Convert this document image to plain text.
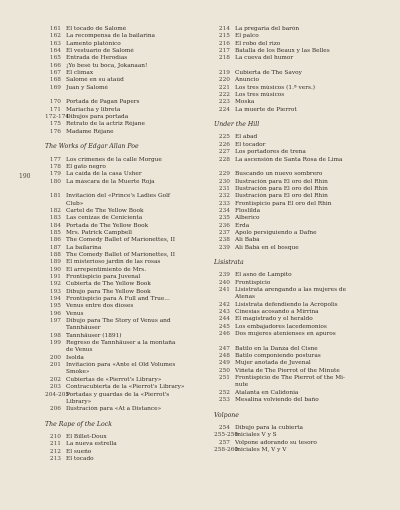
190
161 El tocado de Salomé
162 La recompensa de la bailarina
163 Lamento platónico
164 El vestuario de Salomé
165 Entrada de Herodías
166 ¡Yo besé tu boca, Jokanaan!
167 El clímax
168 Salomé en su ataúd
169 Juan y Salomé
170 Portada de Pagan Papers
171 Mariacha y libreta
172-174
Dibujos para portada
175 Retrato de la actriz Réjane
176 Madame Réjane
The Works of Edgar Allan Poe
177 Los crímenes de la calle Morgue
178 El gato negro
179 La caída de la casa Usher
180 La máscara de la Muerte Roja
181 Invitación del «Prince's Ladies Golf
Club»
182 Cartel de The Yellow Book
183 Las cenizas de Cenicienta
184 Portada de The Yellow Book
185 Mrs. Patrick Campbell
186 The Comedy Ballet of Marionettes, II
187 La bailarina
188 The Comedy Ballet of Marionettes, II
189 El misterioso jardín de las rosas
190 El arrepentimiento de Mrs.
191 Frontispicio para Juvenal
192 Cubierta de The Yellow Book
193 Dibujo para The Yellow Book
194 Frontispicio para A Full and True...
195 Venus entre dos dioses
196 Venus
197 Dibujo para The Story of Venus and
Tannhäuser
198 Tannhäuser (1891)
199 Regreso de Tannhäuser a la montaña
de Venus
200 Isolda
201 Invitación para «Ante el Old Volumes
Smoke»
202 Cubiertas de «Pierrot's Library»
203 Contracubierta de la «Pierrot's Library»
204-205
Portadas y guardas de la «Pierrot's
Library»
206 Ilustración para «At a Distance»
The Rape of the Lock
210 El Billet-Doux
211 La nueva estrella
212 El sueño
213 El tocado
214 La pregaria del barón
215 El palco
216 El robo del rizo
217 Batalla de los Beaux y las Belles
218 La cueva del humor
219 Cubierta de The Savoy
220 Anuncio
221 Los tres músicos (1.ª vers.)
222 Los tres músicos
223 Moska
224 La muerte de Pierrot
Under the Hill
225 El abad
226 El tocador
227 Los portadores de trena
228 La ascensión de Santa Rosa de Lima
229 Buscando un nuevo sombrero
230 Ilustración para El oro del Rhin
231 Ilustración para El oro del Rhin
232 Ilustración para El oro del Rhin
233 Frontispicio para El oro del Rhin
234 Floslilda
235 Alberico
236 Erda
237 Apolo persiguiendo a Dafne
238 Alí Babá
239 Alí Babá en el bosque
Lisistrata
239 El asno de Lampito
240 Frontispicio
241 Lisistrata arengando a las mujeres de
Atenas
242 Lisistrata defendiendo la Acrópolis
243 Cinesias acosando a Mirrina
244 El magistrado y el heraldo
245 Los embajadores lacedemonios
246 Dos mujeres atenienses en apuros
247 Batilo en la Danza del Cisne
248 Batilo componiendo posturas
249 Mujer anotada de Juvenal
250 Viñeta de The Pierrot of the Minute
251 Frontispicio de The Pierrot of the Mi-
nute
252 Atalanta en Calidonia
253 Mesalina volviendo del baño
Volpone
254 Dibujo para la cubierta
255-256
Iniciales V y S
257 Volpone adorando su tesoro
258-260
Iniciales M, V y V
